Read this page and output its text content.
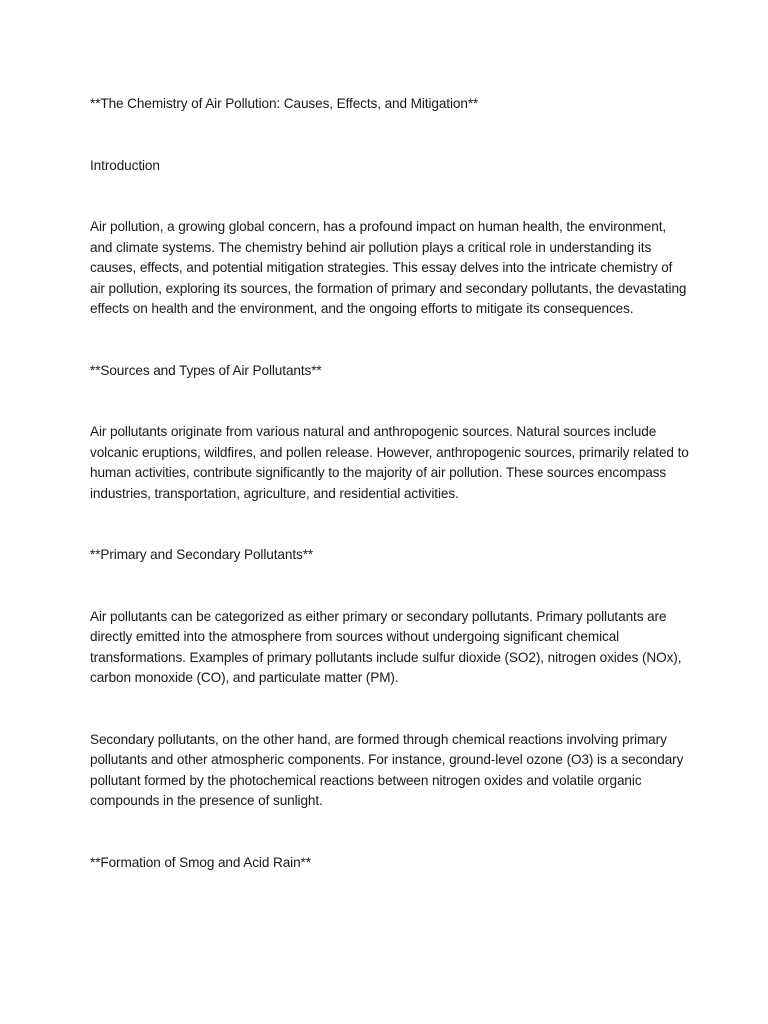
**The Chemistry of Air Pollution: Causes, Effects, and Mitigation**

Introduction

Air pollution, a growing global concern, has a profound impact on human health, the environment, and climate systems. The chemistry behind air pollution plays a critical role in understanding its causes, effects, and potential mitigation strategies. This essay delves into the intricate chemistry of air pollution, exploring its sources, the formation of primary and secondary pollutants, the devastating effects on health and the environment, and the ongoing efforts to mitigate its consequences.

**Sources and Types of Air Pollutants**

Air pollutants originate from various natural and anthropogenic sources. Natural sources include volcanic eruptions, wildfires, and pollen release. However, anthropogenic sources, primarily related to human activities, contribute significantly to the majority of air pollution. These sources encompass industries, transportation, agriculture, and residential activities.

**Primary and Secondary Pollutants**

Air pollutants can be categorized as either primary or secondary pollutants. Primary pollutants are directly emitted into the atmosphere from sources without undergoing significant chemical transformations. Examples of primary pollutants include sulfur dioxide (SO2), nitrogen oxides (NOx), carbon monoxide (CO), and particulate matter (PM).

Secondary pollutants, on the other hand, are formed through chemical reactions involving primary pollutants and other atmospheric components. For instance, ground-level ozone (O3) is a secondary pollutant formed by the photochemical reactions between nitrogen oxides and volatile organic compounds in the presence of sunlight.

**Formation of Smog and Acid Rain**
